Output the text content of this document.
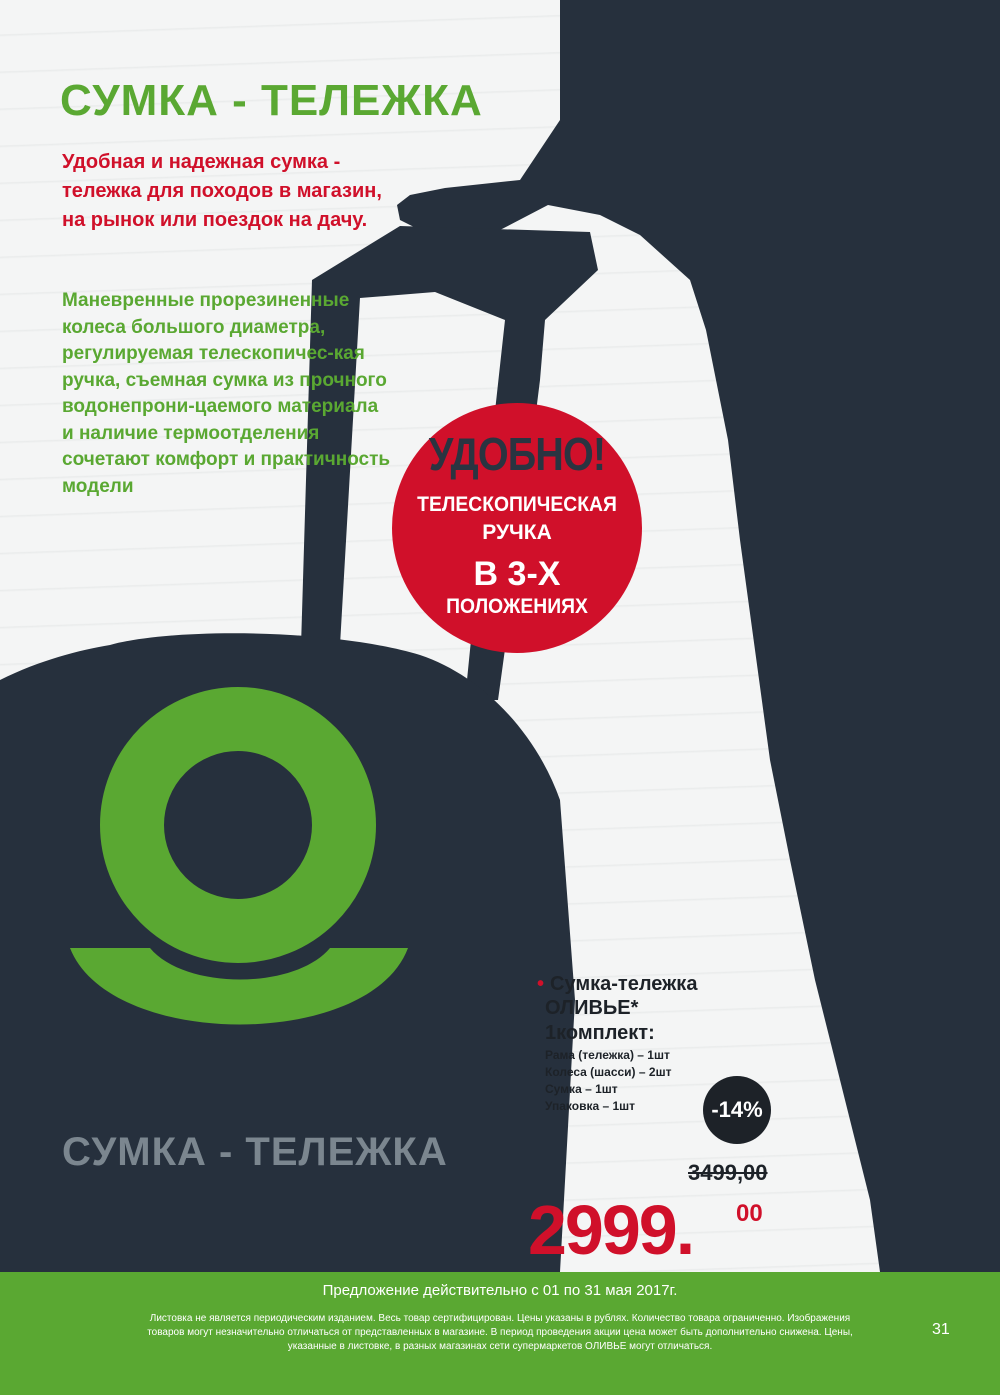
СУМКА - ТЕЛЕЖКА

Удобная и надежная сумка - тележка для походов в магазин, на рынок или поездок на дачу.

Маневренные прорезиненные колеса большого диаметра, регулируемая телескопичес-кая ручка, съемная сумка из прочного водонепрони-цаемого материала и наличие термоотделения сочетают комфорт и практичность модели

УДОБНО!
ТЕЛЕСКОПИЧЕСКАЯ
РУЧКА
В 3-Х
ПОЛОЖЕНИЯХ

СУМКА - ТЕЛЕЖКА

• Сумка-тележка
ОЛИВЬЕ*
1комплект:
Рама (тележка) – 1шт
Колеса (шасси) – 2шт
Сумка – 1шт
Упаковка – 1шт	-14%
3499,00
2999. 00
Предложение действительно с 01 по 31 мая 2017г.
Листовка не является периодическим изданием. Весь товар сертифицирован. Цены указаны в рублях. Количество товара ограниченно. Изображения товаров могут незначительно отличаться от представленных в магазине. В период проведения акции цена может быть дополнительно снижена. Цены, указанные в листовке, в разных магазинах сети супермаркетов ОЛИВЬЕ могут отличаться.
31
